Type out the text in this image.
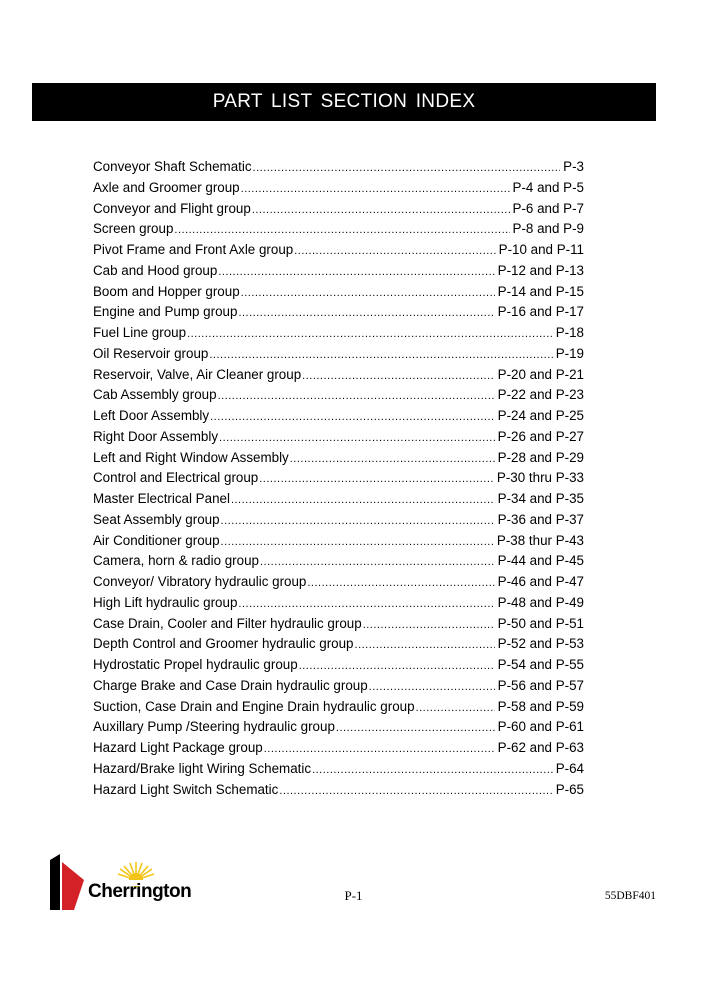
PART LIST SECTION INDEX
Conveyor Shaft Schematic .....	P-3
Axle and Groomer group .....	P-4 and P-5
Conveyor and Flight group .....	P-6 and P-7
Screen group .....	P-8 and P-9
Pivot Frame and Front Axle group .....	P-10 and P-11
Cab and Hood group .....	P-12 and P-13
Boom and Hopper group .....	P-14 and P-15
Engine and Pump group .....	P-16 and P-17
Fuel Line group .....	P-18
Oil Reservoir group .....	P-19
Reservoir, Valve, Air Cleaner group .....	P-20 and P-21
Cab Assembly group .....	P-22 and P-23
Left Door Assembly .....	P-24 and P-25
Right Door Assembly .....	P-26 and P-27
Left and Right Window Assembly .....	P-28 and P-29
Control and Electrical group .....	P-30 thru P-33
Master Electrical Panel .....	P-34 and P-35
Seat Assembly group .....	P-36 and P-37
Air Conditioner group .....	P-38 thur P-43
Camera, horn & radio group .....	P-44 and P-45
Conveyor/ Vibratory hydraulic group .....	P-46 and P-47
High Lift hydraulic group .....	P-48 and P-49
Case Drain, Cooler and Filter hydraulic group .....	P-50 and P-51
Depth Control and Groomer hydraulic group .....	P-52 and P-53
Hydrostatic Propel hydraulic group .....	P-54 and P-55
Charge Brake and Case Drain hydraulic group .....	P-56 and P-57
Suction, Case Drain and Engine Drain hydraulic group .....	P-58 and P-59
Auxillary Pump /Steering hydraulic group .....	P-60 and P-61
Hazard Light Package group .....	P-62 and P-63
Hazard/Brake light Wiring Schematic .....	P-64
Hazard Light Switch Schematic .....	P-65
Cherrington	P-1	55DBF401
